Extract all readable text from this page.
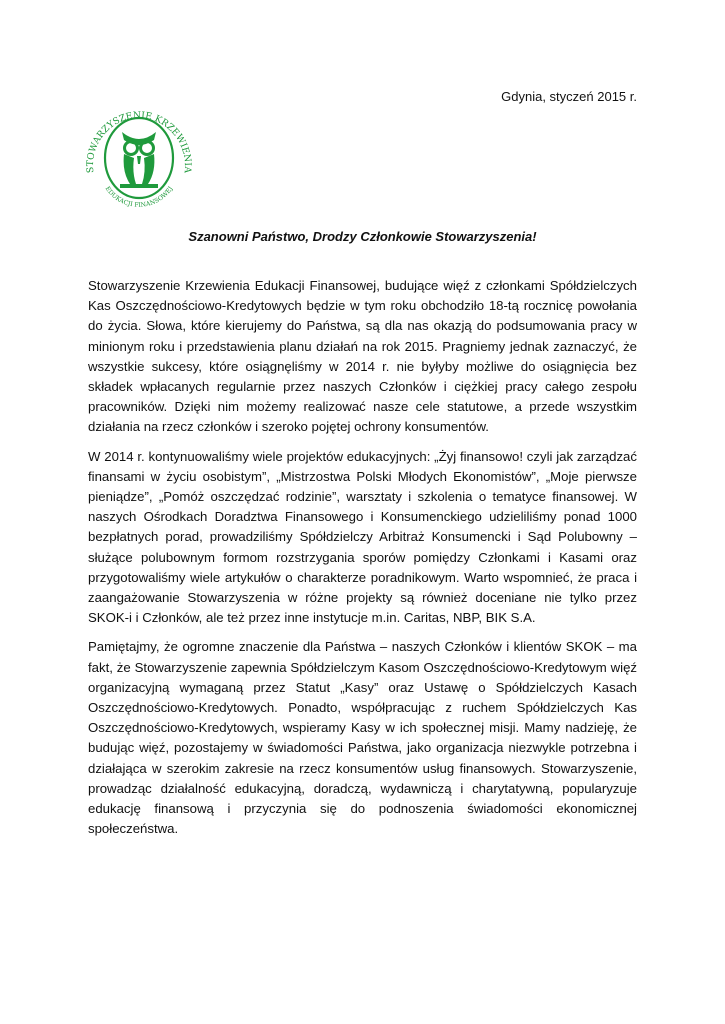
STOWARZYSZENIE KRZEWIENIA
EDUKACJI FINANSOWEJ
Gdynia, styczeń 2015 r.
Szanowni Państwo, Drodzy Członkowie Stowarzyszenia!

Stowarzyszenie Krzewienia Edukacji Finansowej, budujące więź z członkami Spółdzielczych Kas Oszczędnościowo-Kredytowych będzie w tym roku obchodziło 18-tą rocznicę powołania do życia. Słowa, które kierujemy do Państwa, są dla nas okazją do podsumowania pracy w minionym roku i przedstawienia planu działań na rok 2015. Pragniemy jednak zaznaczyć, że wszystkie sukcesy, które osiągnęliśmy w 2014 r. nie byłyby możliwe do osiągnięcia bez składek wpłacanych regularnie przez naszych Członków i ciężkiej pracy całego zespołu pracowników. Dzięki nim możemy realizować nasze cele statutowe, a przede wszystkim działania na rzecz członków i szeroko pojętej ochrony konsumentów.

W 2014 r. kontynuowaliśmy wiele projektów edukacyjnych: „Żyj finansowo! czyli jak zarządzać finansami w życiu osobistym”, „Mistrzostwa Polski Młodych Ekonomistów”, „Moje pierwsze pieniądze”, „Pomóż oszczędzać rodzinie”, warsztaty i szkolenia o tematyce finansowej. W naszych Ośrodkach Doradztwa Finansowego i Konsumenckiego udzieliliśmy ponad 1000 bezpłatnych porad, prowadziliśmy Spółdzielczy Arbitraż Konsumencki i Sąd Polubowny – służące polubownym formom rozstrzygania sporów pomiędzy Członkami i Kasami oraz przygotowaliśmy wiele artykułów o charakterze poradnikowym. Warto wspomnieć, że praca i zaangażowanie Stowarzyszenia w różne projekty są również doceniane nie tylko przez SKOK-i i Członków, ale też przez inne instytucje m.in. Caritas, NBP, BIK S.A.

Pamiętajmy, że ogromne znaczenie dla Państwa – naszych Członków i klientów SKOK – ma fakt, że Stowarzyszenie zapewnia Spółdzielczym Kasom Oszczędnościowo-Kredytowym więź organizacyjną wymaganą przez Statut „Kasy” oraz Ustawę o Spółdzielczych Kasach Oszczędnościowo-Kredytowych. Ponadto, współpracując z ruchem Spółdzielczych Kas Oszczędnościowo-Kredytowych, wspieramy Kasy w ich społecznej misji. Mamy nadzieję, że budując więź, pozostajemy w świadomości Państwa, jako organizacja niezwykle potrzebna i działająca w szerokim zakresie na rzecz konsumentów usług finansowych. Stowarzyszenie, prowadząc działalność edukacyjną, doradczą, wydawniczą i charytatywną, popularyzuje edukację finansową i przyczynia się do podnoszenia świadomości ekonomicznej społeczeństwa.
